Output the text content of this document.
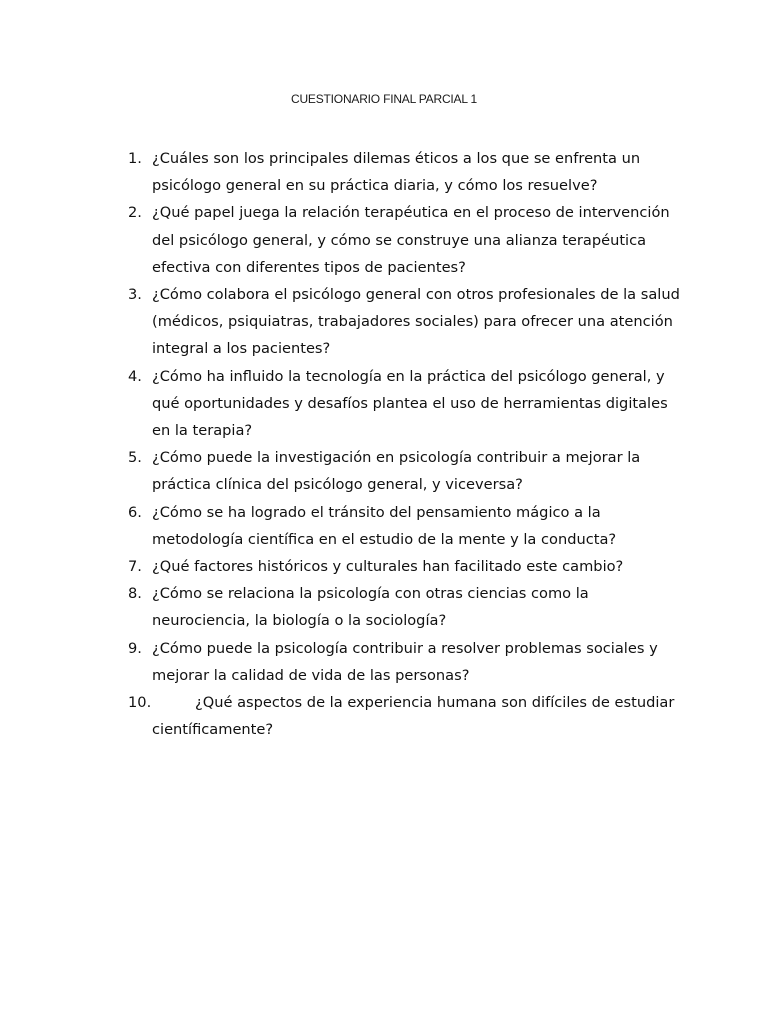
CUESTIONARIO FINAL PARCIAL 1
1. ¿Cuáles son los principales dilemas éticos a los que se enfrenta un psicólogo general en su práctica diaria, y cómo los resuelve?
2. ¿Qué papel juega la relación terapéutica en el proceso de intervención del psicólogo general, y cómo se construye una alianza terapéutica efectiva con diferentes tipos de pacientes?
3. ¿Cómo colabora el psicólogo general con otros profesionales de la salud (médicos, psiquiatras, trabajadores sociales) para ofrecer una atención integral a los pacientes?
4. ¿Cómo ha influido la tecnología en la práctica del psicólogo general, y qué oportunidades y desafíos plantea el uso de herramientas digitales en la terapia?
5. ¿Cómo puede la investigación en psicología contribuir a mejorar la práctica clínica del psicólogo general, y viceversa?
6. ¿Cómo se ha logrado el tránsito del pensamiento mágico a la metodología científica en el estudio de la mente y la conducta?
7. ¿Qué factores históricos y culturales han facilitado este cambio?
8. ¿Cómo se relaciona la psicología con otras ciencias como la neurociencia, la biología o la sociología?
9. ¿Cómo puede la psicología contribuir a resolver problemas sociales y mejorar la calidad de vida de las personas?
10.	¿Qué aspectos de la experiencia humana son difíciles de estudiar científicamente?
